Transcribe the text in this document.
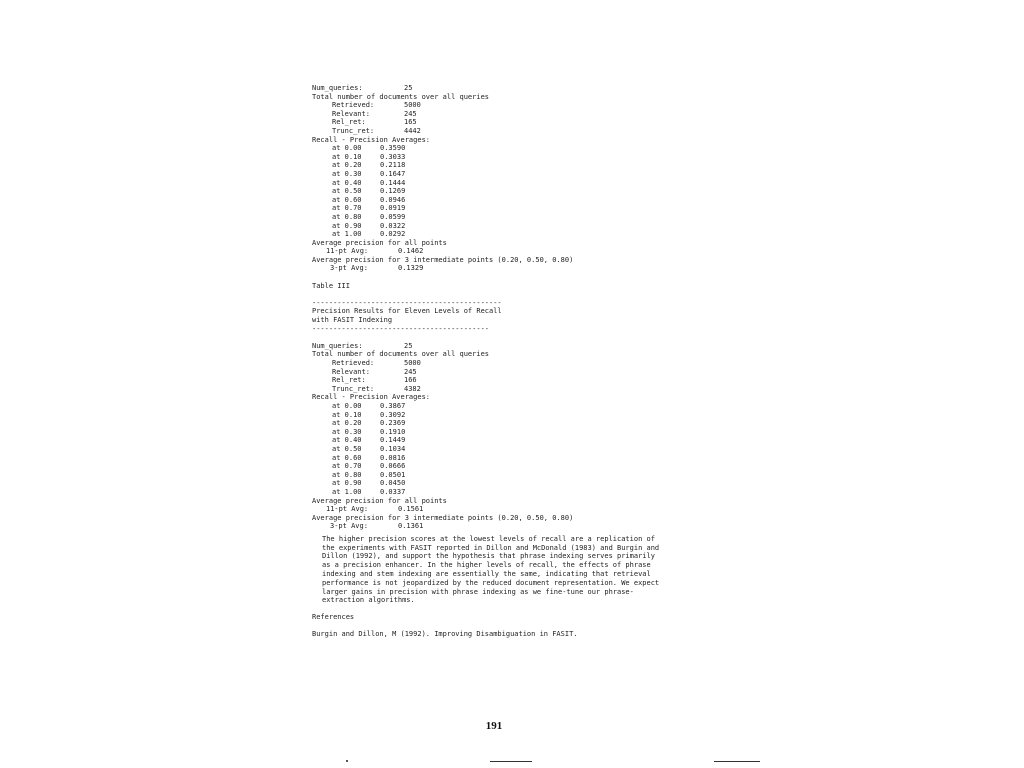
Num_queries:	25
Total number of documents over all queries
Retrieved:	5000
Relevant:	245
Rel_ret:	165
Trunc_ret:	4442
Recall - Precision Averages:
at 0.00	0.3590
at 0.10	0.3033
at 0.20	0.2118
at 0.30	0.1647
at 0.40	0.1444
at 0.50	0.1269
at 0.60	0.0946
at 0.70	0.0919
at 0.80	0.0599
at 0.90	0.0322
at 1.00	0.0292
Average precision for all points
11-pt Avg:	0.1462
Average precision for 3 intermediate points (0.20, 0.50, 0.80)
3-pt Avg:	0.1329
Table III
---------------------------------------------
Precision Results for Eleven Levels of Recall
with FASIT Indexing
------------------------------------------
Num_queries:	25
Total number of documents over all queries
Retrieved:	5000
Relevant:	245
Rel_ret:	166
Trunc_ret:	4382
Recall - Precision Averages:
at 0.00	0.3867
at 0.10	0.3092
at 0.20	0.2369
at 0.30	0.1910
at 0.40	0.1449
at 0.50	0.1034
at 0.60	0.0816
at 0.70	0.0666
at 0.80	0.0501
at 0.90	0.0450
at 1.00	0.0337
Average precision for all points
11-pt Avg:	0.1561
Average precision for 3 intermediate points (0.20, 0.50, 0.80)
3-pt Avg:	0.1361
The higher precision scores at the lowest levels of recall are a replication of the experiments with FASIT reported in Dillon and McDonald (1983) and Burgin and Dillon (1992), and support the hypothesis that phrase indexing serves primarily as a precision enhancer. In the higher levels of recall, the effects of phrase indexing and stem indexing are essentially the same, indicating that retrieval performance is not jeopardized by the reduced document representation. We expect larger gains in precision with phrase indexing as we fine-tune our phrase-extraction algorithms.
References
Burgin and Dillon, M (1992). Improving Disambiguation in FASIT.
191
